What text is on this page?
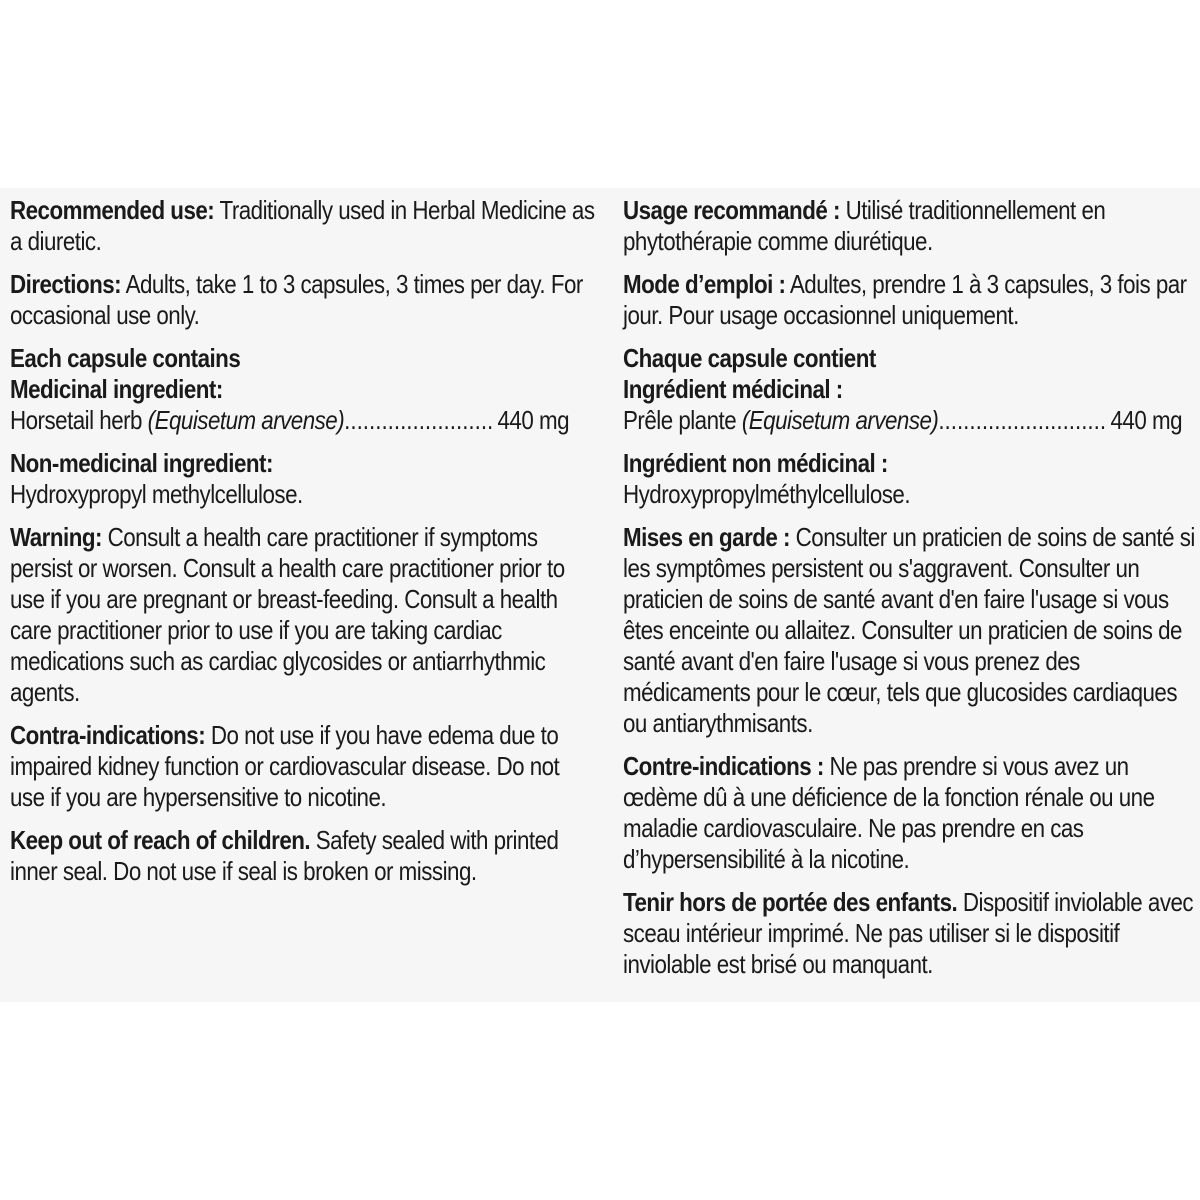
Recommended use: Traditionally used in Herbal Medicine as a diuretic.

Directions: Adults, take 1 to 3 capsules, 3 times per day. For occasional use only.

Each capsule contains

Medicinal ingredient:

Horsetail herb (Equisetum arvense) .....	440 mg

Non-medicinal ingredient:

Hydroxypropyl methylcellulose.

Warning: Consult a health care practitioner if symptoms persist or worsen. Consult a health care practitioner prior to use if you are pregnant or breast-feeding. Consult a health care practitioner prior to use if you are taking cardiac medications such as cardiac glycosides or antiarrhythmic agents.

Contra-indications: Do not use if you have edema due to impaired kidney function or cardiovascular disease. Do not use if you are hypersensitive to nicotine.

Keep out of reach of children. Safety sealed with printed inner seal. Do not use if seal is broken or missing.

Usage recommandé : Utilisé traditionnellement en phytothérapie comme diurétique.

Mode d’emploi : Adultes, prendre 1 à 3 capsules, 3 fois par jour. Pour usage occasionnel uniquement.

Chaque capsule contient

Ingrédient médicinal :

Prêle plante (Equisetum arvense) .....	440 mg

Ingrédient non médicinal :

Hydroxypropylméthylcellulose.

Mises en garde : Consulter un praticien de soins de santé si les symptômes persistent ou s'aggravent. Consulter un praticien de soins de santé avant d'en faire l'usage si vous êtes enceinte ou allaitez. Consulter un praticien de soins de santé avant d'en faire l'usage si vous prenez des médicaments pour le cœur, tels que glucosides cardiaques ou antiarythmisants.

Contre-indications : Ne pas prendre si vous avez un œdème dû à une déficience de la fonction rénale ou une maladie cardiovasculaire. Ne pas prendre en cas d’hypersensibilité à la nicotine.

Tenir hors de portée des enfants. Dispositif inviolable avec sceau intérieur imprimé. Ne pas utiliser si le dispositif inviolable est brisé ou manquant.
